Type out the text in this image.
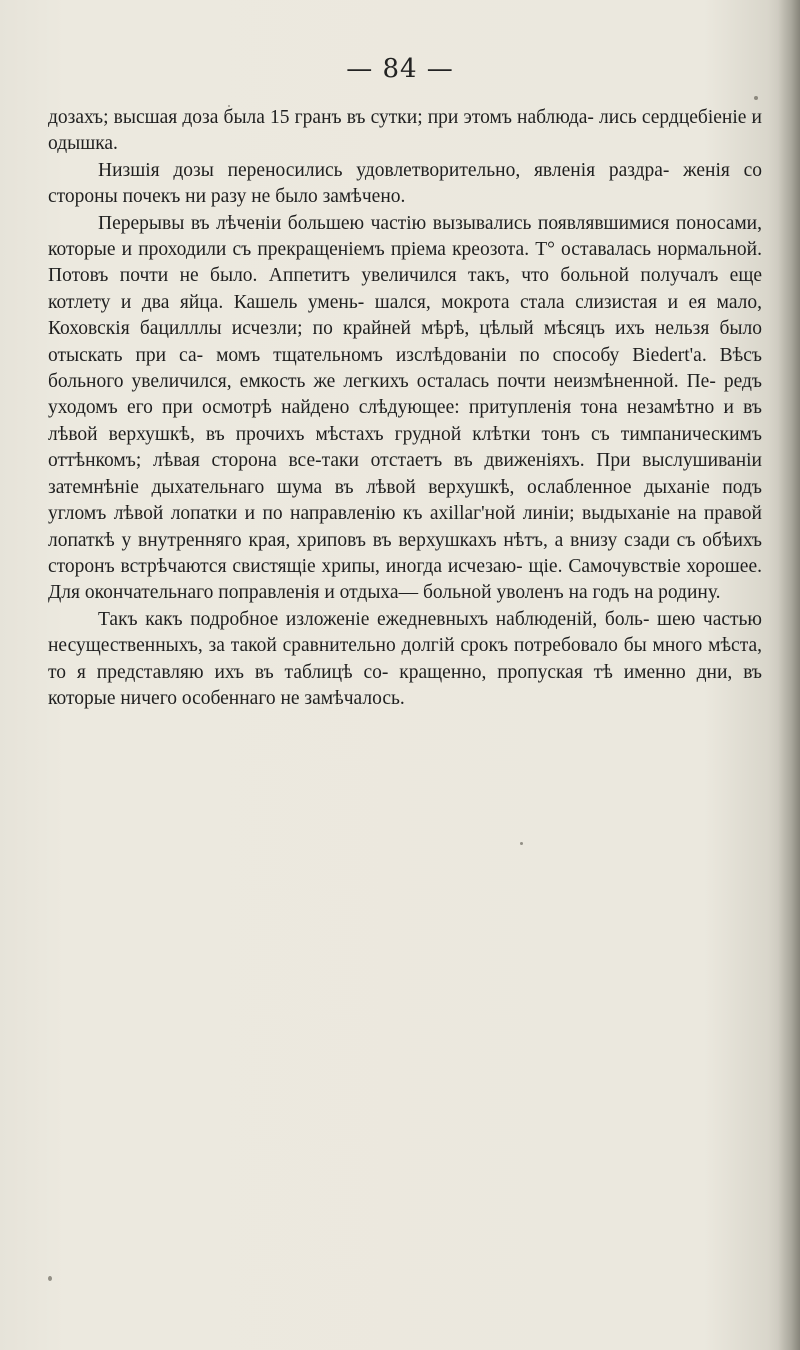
— 84 —

дозахъ; высшая доза была 15 гранъ въ сутки; при этомъ наблюда- лись сердцебіеніе и одышка.

Низшія дозы переносились удовлетворительно, явленія раздра- женія со стороны почекъ ни разу не было замѣчено.

Перерывы въ лѣченіи большею частію вызывались появлявшимися поносами, которые и проходили съ прекращеніемъ пріема креозота. Т° оставалась нормальной. Потовъ почти не было. Аппетитъ увеличился такъ, что больной получалъ еще котлету и два яйца. Кашель умень- шался, мокрота стала слизистая и ея мало, Коховскія бацилллы исчезли; по крайней мѣрѣ, цѣлый мѣсяцъ ихъ нельзя было отыскать при са- момъ тщательномъ изслѣдованіи по способу Вiedert'а. Вѣсъ больного увеличился, емкость же легкихъ осталась почти неизмѣненной. Пе- редъ уходомъ его при осмотрѣ найдено слѣдующее: притупленія тона незамѣтно и въ лѣвой верхушкѣ, въ прочихъ мѣстахъ грудной клѣтки тонъ съ тимпаническимъ оттѣнкомъ; лѣвая сторона все-таки отстаетъ въ движеніяхъ. При выслушиваніи затемнѣніе дыхательнаго шума въ лѣвой верхушкѣ, ослабленное дыханіе подъ угломъ лѣвой лопатки и по направленію къ ахіllаг'ной линіи; выдыханіе на правой лопаткѣ у внутренняго края, хриповъ въ верхушкахъ нѣтъ, а внизу сзади съ обѣихъ сторонъ встрѣчаются свистящіе хрипы, иногда исчезаю- щіе. Самочувствіе хорошее. Для окончательнаго поправленія и отдыха— больной уволенъ на годъ на родину.

Такъ какъ подробное изложеніе ежедневныхъ наблюденій, боль- шею частью несущественныхъ, за такой сравнительно долгій срокъ потребовало бы много мѣста, то я представляю ихъ въ таблицѣ со- кращенно, пропуская тѣ именно дни, въ которые ничего особеннаго не замѣчалось.
